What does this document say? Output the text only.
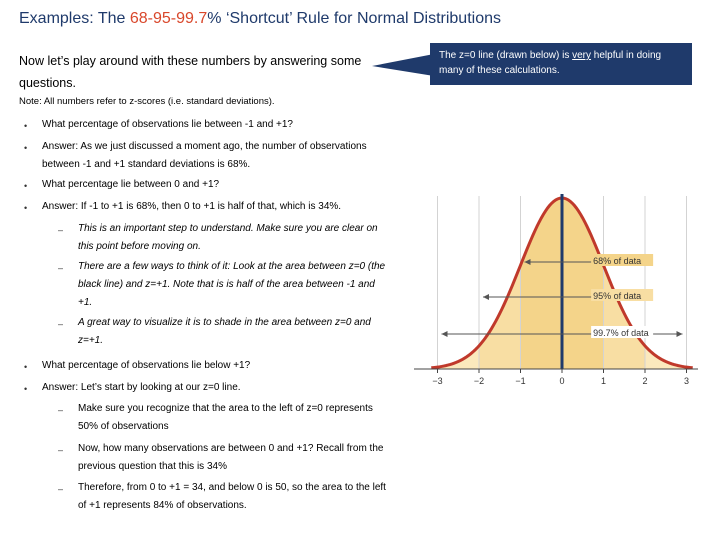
Examples: The 68-95-99.7% ‘Shortcut’ Rule for Normal Distributions
Now let’s play around with these numbers by answering some questions.
Note: All numbers refer to z-scores (i.e. standard deviations).
• What percentage of observations lie between -1 and +1?
• Answer: As we just discussed a moment ago, the number of observations between -1 and +1 standard deviations is 68%.
• What percentage lie between 0 and +1?
• Answer: If -1 to +1 is 68%, then 0 to +1 is half of that, which is 34%.
– This is an important step to understand. Make sure you are clear on this point before moving on.
– There are a few ways to think of it: Look at the area between z=0 (the black line) and z=+1. Note that is is half of the area between -1 and +1.
– A great way to visualize it is to shade in the area between z=0 and z=+1.
• What percentage of observations lie below +1?
• Answer: Let’s start by looking at our z=0 line.
– Make sure you recognize that the area to the left of z=0 represents 50% of observations
– Now, how many observations are between 0 and +1? Recall from the previous question that this is 34%
– Therefore, from 0 to +1 = 34, and below 0 is 50, so the area to the left of +1 represents 84% of observations.
The z=0 line (drawn below) is very helpful in doing many of these calculations.
68% of data
95% of data
99.7% of data
−3	−2	−1	0	1	2	3
